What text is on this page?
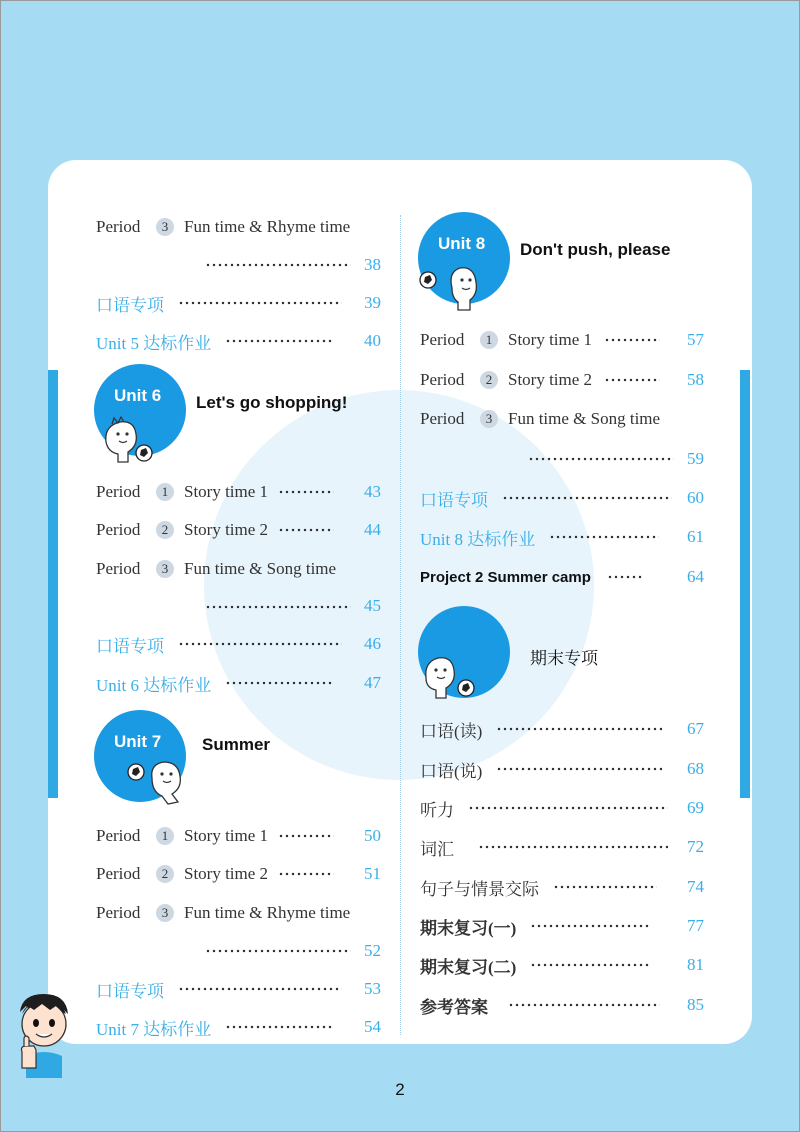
Period	3 Fun time & Rhyme time
38
口语专项	39
Unit 5 达标作业	40
Unit 6 Let's go shopping!
Period	1 Story time 1	43
Period	2 Story time 2	44
Period	3 Fun time & Song time
45
口语专项	46
Unit 6 达标作业	47
Unit 7 Summer
Period	1 Story time 1	50
Period	2 Story time 2	51
Period	3 Fun time & Rhyme time
52
口语专项	53
Unit 7 达标作业	54
Unit 8 Don't push, please
Period	1 Story time 1	57
Period	2 Story time 2	58
Period	3 Fun time & Song time
59
口语专项	60
Unit 8 达标作业	61
Project 2 Summer camp	64
期末专项
口语(读)	67
口语(说)	68
听力	69
词汇	72
句子与情景交际	74
期末复习(一)	77
期末复习(二)	81
参考答案	85
2
